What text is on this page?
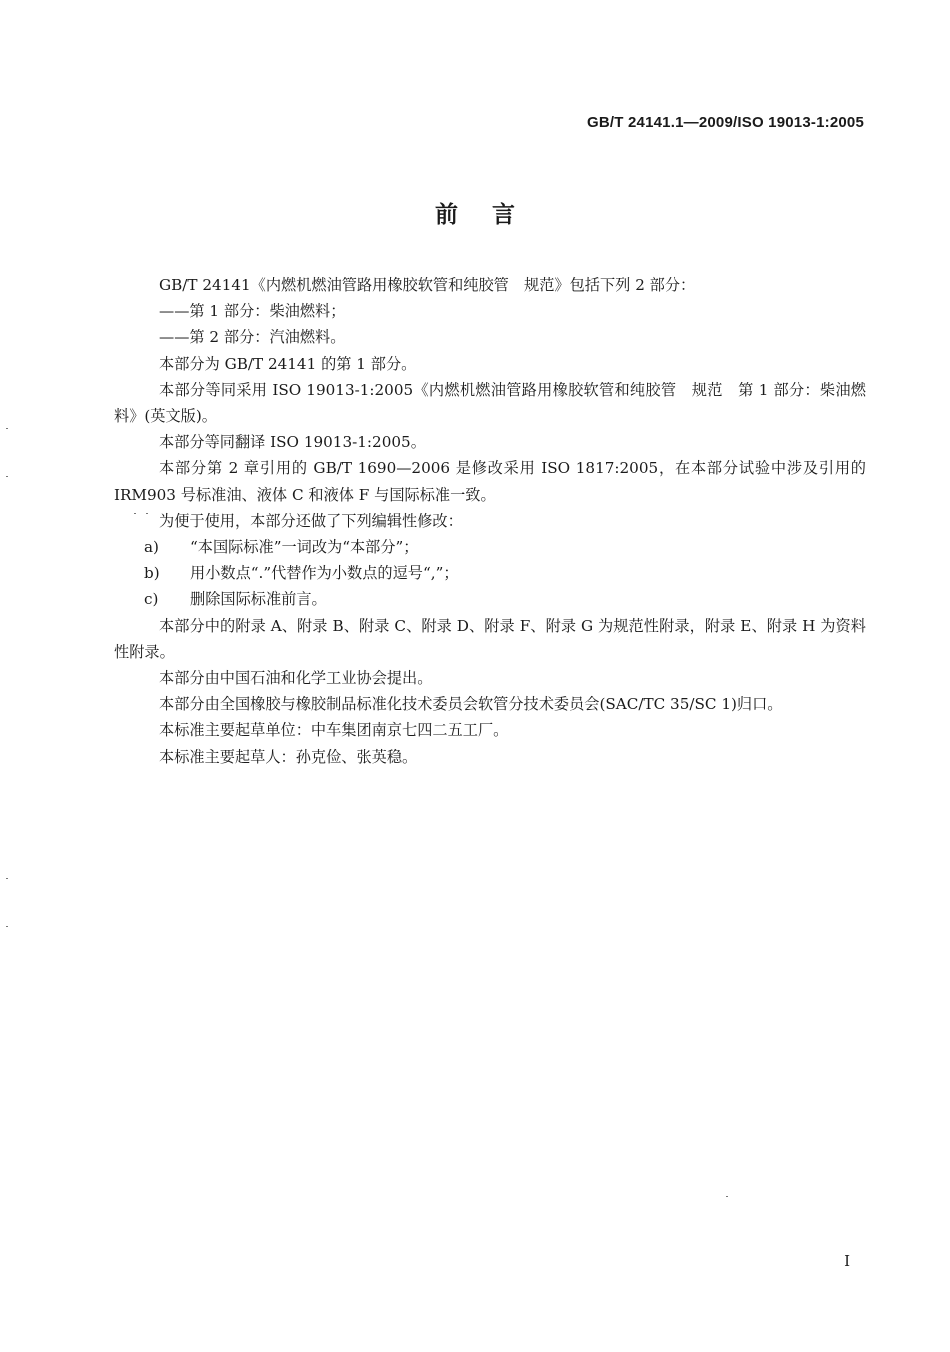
GB/T 24141.1—2009/ISO 19013-1:2005
前言

GB/T 24141《内燃机燃油管路用橡胶软管和纯胶管　规范》包括下列 2 部分：

——第 1 部分：柴油燃料；

——第 2 部分：汽油燃料。

本部分为 GB/T 24141 的第 1 部分。

本部分等同采用 ISO 19013-1:2005《内燃机燃油管路用橡胶软管和纯胶管　规范　第 1 部分：柴油燃料》(英文版)。

本部分等同翻译 ISO 19013-1:2005。

本部分第 2 章引用的 GB/T 1690—2006 是修改采用 ISO 1817:2005，在本部分试验中涉及引用的 IRM903 号标准油、液体 C 和液体 F 与国际标准一致。

为便于使用，本部分还做了下列编辑性修改：

a) “本国际标准”一词改为“本部分”；

b) 用小数点“.”代替作为小数点的逗号“,”；

c) 删除国际标准前言。

本部分中的附录 A、附录 B、附录 C、附录 D、附录 F、附录 G 为规范性附录，附录 E、附录 H 为资料性附录。

本部分由中国石油和化学工业协会提出。

本部分由全国橡胶与橡胶制品标准化技术委员会软管分技术委员会(SAC/TC 35/SC 1)归口。

本标准主要起草单位：中车集团南京七四二五工厂。

本标准主要起草人：孙克俭、张英稳。

I
